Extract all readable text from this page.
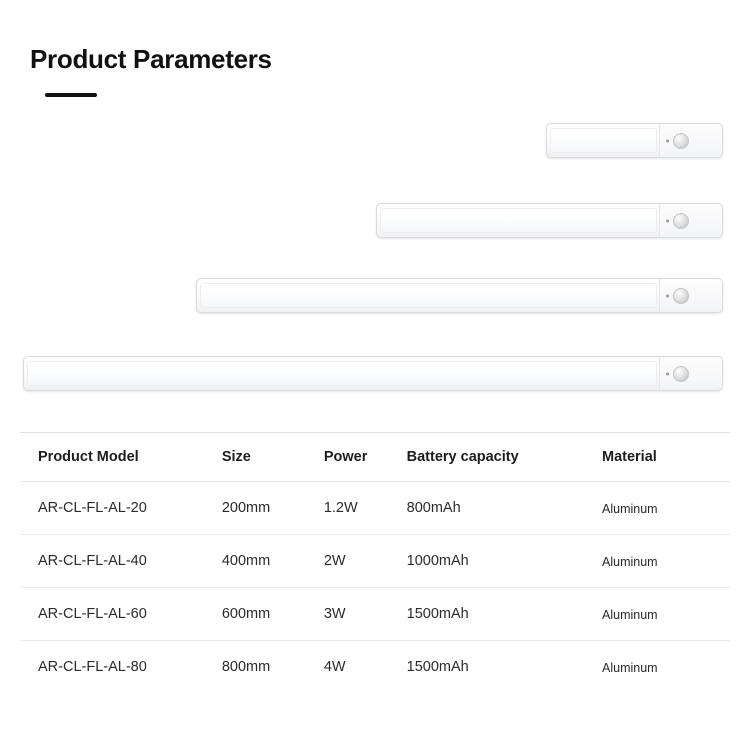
Product Parameters
Product Model	Size	Power	Battery capacity	Material
AR-CL-FL-AL-20	200mm	1.2W	800mAh	Aluminum
AR-CL-FL-AL-40	400mm	2W	1000mAh	Aluminum
AR-CL-FL-AL-60	600mm	3W	1500mAh	Aluminum
AR-CL-FL-AL-80	800mm	4W	1500mAh	Aluminum
